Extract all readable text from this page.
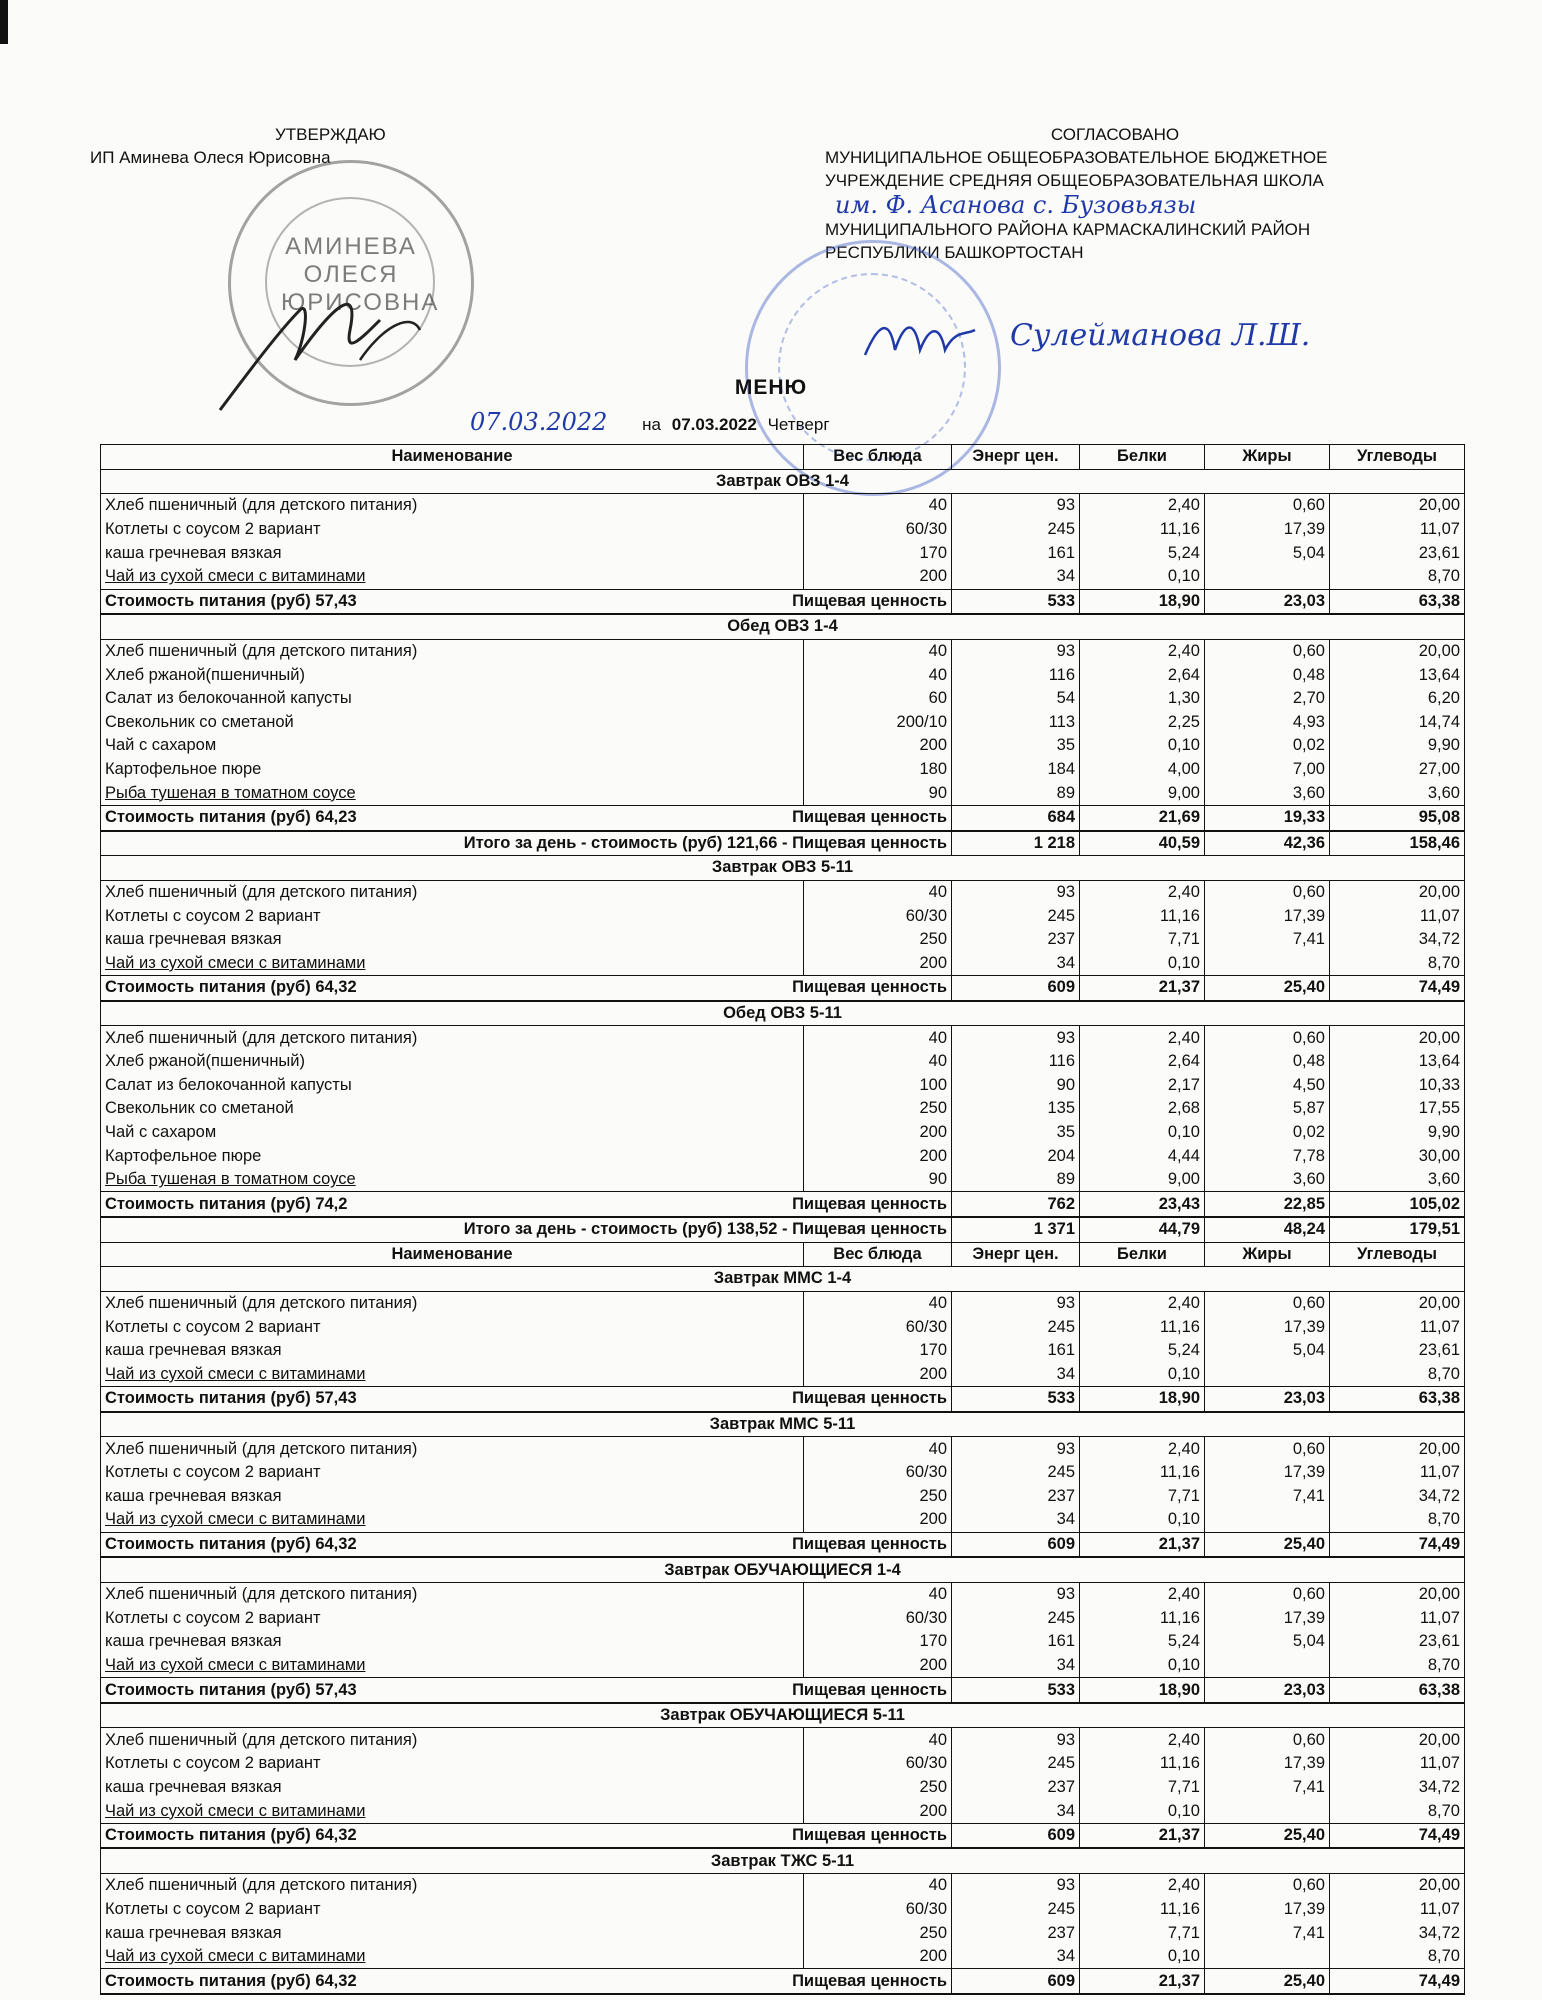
УТВЕРЖДАЮ
ИП Аминева Олеся Юрисовна
АМИНЕВА ОЛЕСЯ ЮРИСОВНА
СОГЛАСОВАНО
МУНИЦИПАЛЬНОЕ ОБЩЕОБРАЗОВАТЕЛЬНОЕ БЮДЖЕТНОЕ
УЧРЕЖДЕНИЕ СРЕДНЯЯ ОБЩЕОБРАЗОВАТЕЛЬНАЯ ШКОЛА
им. Ф. Асанова с. Бузовьязы
МУНИЦИПАЛЬНОГО РАЙОНА КАРМАСКАЛИНСКИЙ РАЙОН
РЕСПУБЛИКИ БАШКОРТОСТАН
Сулейманова Л.Ш.
МЕНЮ
07.03.2022 на 07.03.2022 Четверг
Наименование	Вес блюда	Энерг цен.	Белки	Жиры	Углеводы
Завтрак ОВЗ 1-4					
Хлеб пшеничный (для детского питания)	40	93	2,40	0,60	20,00
Котлеты с соусом 2 вариант	60/30	245	11,16	17,39	11,07
каша гречневая вязкая	170	161	5,24	5,04	23,61
Чай из сухой смеси с витаминами	200	34	0,10		8,70

Стоимость питания (руб) 57,43 Пищевая ценность		533	18,90	23,03	63,38
Обед ОВЗ 1-4					
Хлеб пшеничный (для детского питания)	40	93	2,40	0,60	20,00
Хлеб ржаной(пшеничный)	40	116	2,64	0,48	13,64
Салат из белокочанной капусты	60	54	1,30	2,70	6,20
Свекольник со сметаной	200/10	113	2,25	4,93	14,74
Чай с сахаром	200	35	0,10	0,02	9,90
Картофельное пюре	180	184	4,00	7,00	27,00
Рыба тушеная в томатном соусе	90	89	9,00	3,60	3,60

Стоимость питания (руб) 64,23 Пищевая ценность		684	21,69	19,33	95,08
Итого за день - стоимость (руб) 121,66 - Пищевая ценность		1 218	40,59	42,36	158,46
Завтрак ОВЗ 5-11					
Хлеб пшеничный (для детского питания)	40	93	2,40	0,60	20,00
Котлеты с соусом 2 вариант	60/30	245	11,16	17,39	11,07
каша гречневая вязкая	250	237	7,71	7,41	34,72
Чай из сухой смеси с витаминами	200	34	0,10		8,70

Стоимость питания (руб) 64,32 Пищевая ценность		609	21,37	25,40	74,49
Обед ОВЗ 5-11					
Хлеб пшеничный (для детского питания)	40	93	2,40	0,60	20,00
Хлеб ржаной(пшеничный)	40	116	2,64	0,48	13,64
Салат из белокочанной капусты	100	90	2,17	4,50	10,33
Свекольник со сметаной	250	135	2,68	5,87	17,55
Чай с сахаром	200	35	0,10	0,02	9,90
Картофельное пюре	200	204	4,44	7,78	30,00
Рыба тушеная в томатном соусе	90	89	9,00	3,60	3,60

Стоимость питания (руб) 74,2 Пищевая ценность		762	23,43	22,85	105,02
Итого за день - стоимость (руб) 138,52 - Пищевая ценность		1 371	44,79	48,24	179,51
Наименование	Вес блюда	Энерг цен.	Белки	Жиры	Углеводы
Завтрак ММС 1-4					
Хлеб пшеничный (для детского питания)	40	93	2,40	0,60	20,00
Котлеты с соусом 2 вариант	60/30	245	11,16	17,39	11,07
каша гречневая вязкая	170	161	5,24	5,04	23,61
Чай из сухой смеси с витаминами	200	34	0,10		8,70

Стоимость питания (руб) 57,43 Пищевая ценность		533	18,90	23,03	63,38
Завтрак ММС 5-11					
Хлеб пшеничный (для детского питания)	40	93	2,40	0,60	20,00
Котлеты с соусом 2 вариант	60/30	245	11,16	17,39	11,07
каша гречневая вязкая	250	237	7,71	7,41	34,72
Чай из сухой смеси с витаминами	200	34	0,10		8,70

Стоимость питания (руб) 64,32 Пищевая ценность		609	21,37	25,40	74,49
Завтрак ОБУЧАЮЩИЕСЯ 1-4					
Хлеб пшеничный (для детского питания)	40	93	2,40	0,60	20,00
Котлеты с соусом 2 вариант	60/30	245	11,16	17,39	11,07
каша гречневая вязкая	170	161	5,24	5,04	23,61
Чай из сухой смеси с витаминами	200	34	0,10		8,70

Стоимость питания (руб) 57,43 Пищевая ценность		533	18,90	23,03	63,38
Завтрак ОБУЧАЮЩИЕСЯ 5-11					
Хлеб пшеничный (для детского питания)	40	93	2,40	0,60	20,00
Котлеты с соусом 2 вариант	60/30	245	11,16	17,39	11,07
каша гречневая вязкая	250	237	7,71	7,41	34,72
Чай из сухой смеси с витаминами	200	34	0,10		8,70

Стоимость питания (руб) 64,32 Пищевая ценность		609	21,37	25,40	74,49
Завтрак ТЖС 5-11					
Хлеб пшеничный (для детского питания)	40	93	2,40	0,60	20,00
Котлеты с соусом 2 вариант	60/30	245	11,16	17,39	11,07
каша гречневая вязкая	250	237	7,71	7,41	34,72
Чай из сухой смеси с витаминами	200	34	0,10		8,70

Стоимость питания (руб) 64,32 Пищевая ценность		609	21,37	25,40	74,49
